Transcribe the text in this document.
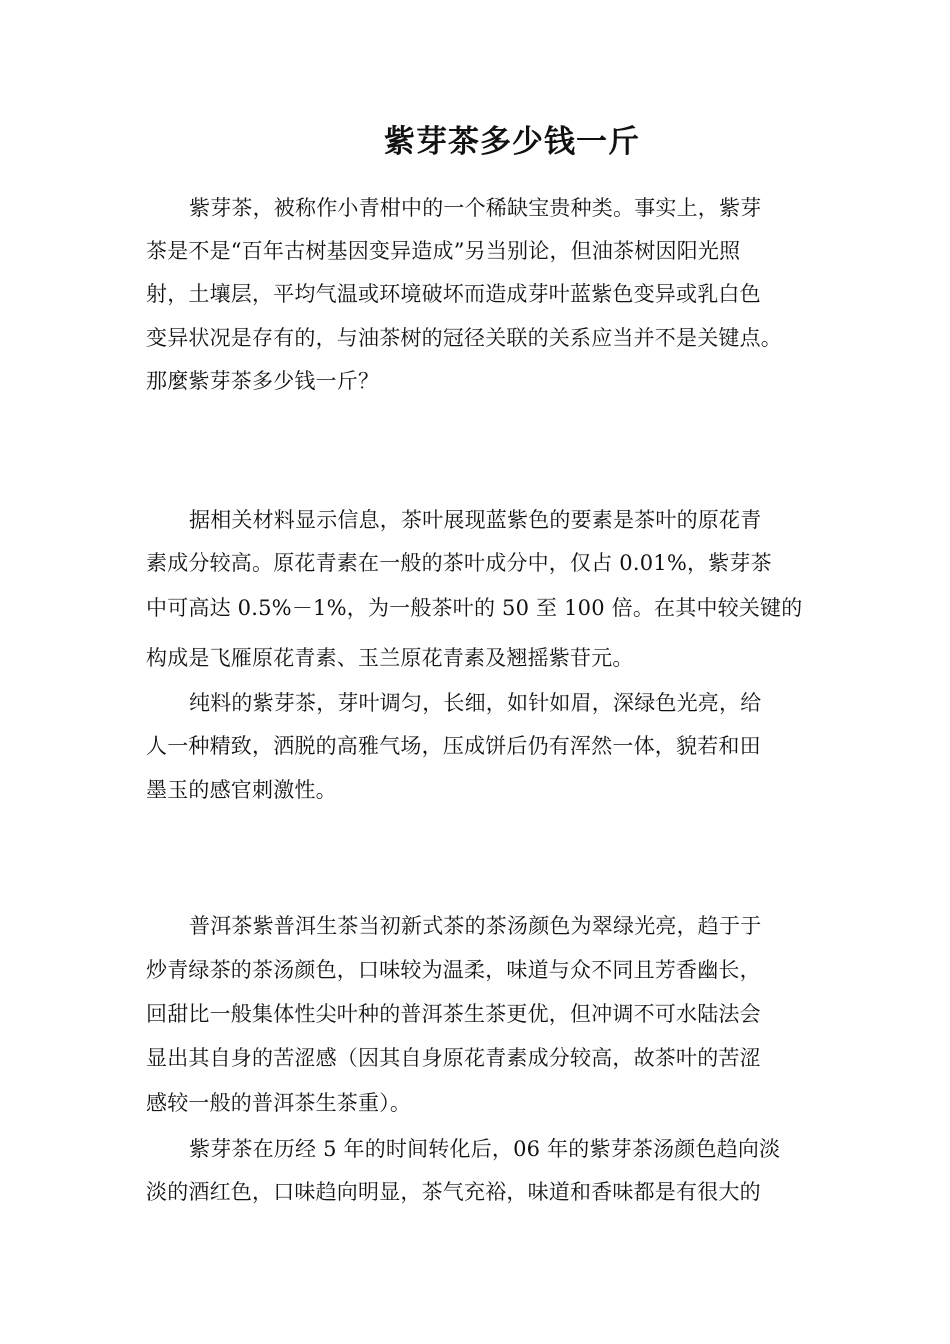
紫芽茶多少钱一斤
紫芽茶，被称作小青柑中的一个稀缺宝贵种类。事实上，紫芽
茶是不是“百年古树基因变异造成”另当别论，但油茶树因阳光照
射，土壤层，平均气温或环境破坏而造成芽叶蓝紫色变异或乳白色
变异状况是存有的，与油茶树的冠径关联的关系应当并不是关键点。
那麼紫芽茶多少钱一斤？
据相关材料显示信息，茶叶展现蓝紫色的要素是茶叶的原花青
素成分较高。原花青素在一般的茶叶成分中，仅占 0.01%，紫芽茶
中可高达 0.5%－1%，为一般茶叶的 50 至 100 倍。在其中较关键的
构成是飞雁原花青素、玉兰原花青素及翘摇紫苷元。
纯料的紫芽茶，芽叶调匀，长细，如针如眉，深绿色光亮，给
人一种精致，洒脱的高雅气场，压成饼后仍有浑然一体，貌若和田
墨玉的感官刺激性。
普洱茶紫普洱生茶当初新式茶的茶汤颜色为翠绿光亮，趋于于
炒青绿茶的茶汤颜色，口味较为温柔，味道与众不同且芳香幽长，
回甜比一般集体性尖叶种的普洱茶生茶更优，但冲调不可水陆法会
显出其自身的苦涩感（因其自身原花青素成分较高，故茶叶的苦涩
感较一般的普洱茶生茶重）。
紫芽茶在历经 5 年的时间转化后，06 年的紫芽茶汤颜色趋向淡
淡的酒红色，口味趋向明显，茶气充裕，味道和香味都是有很大的
